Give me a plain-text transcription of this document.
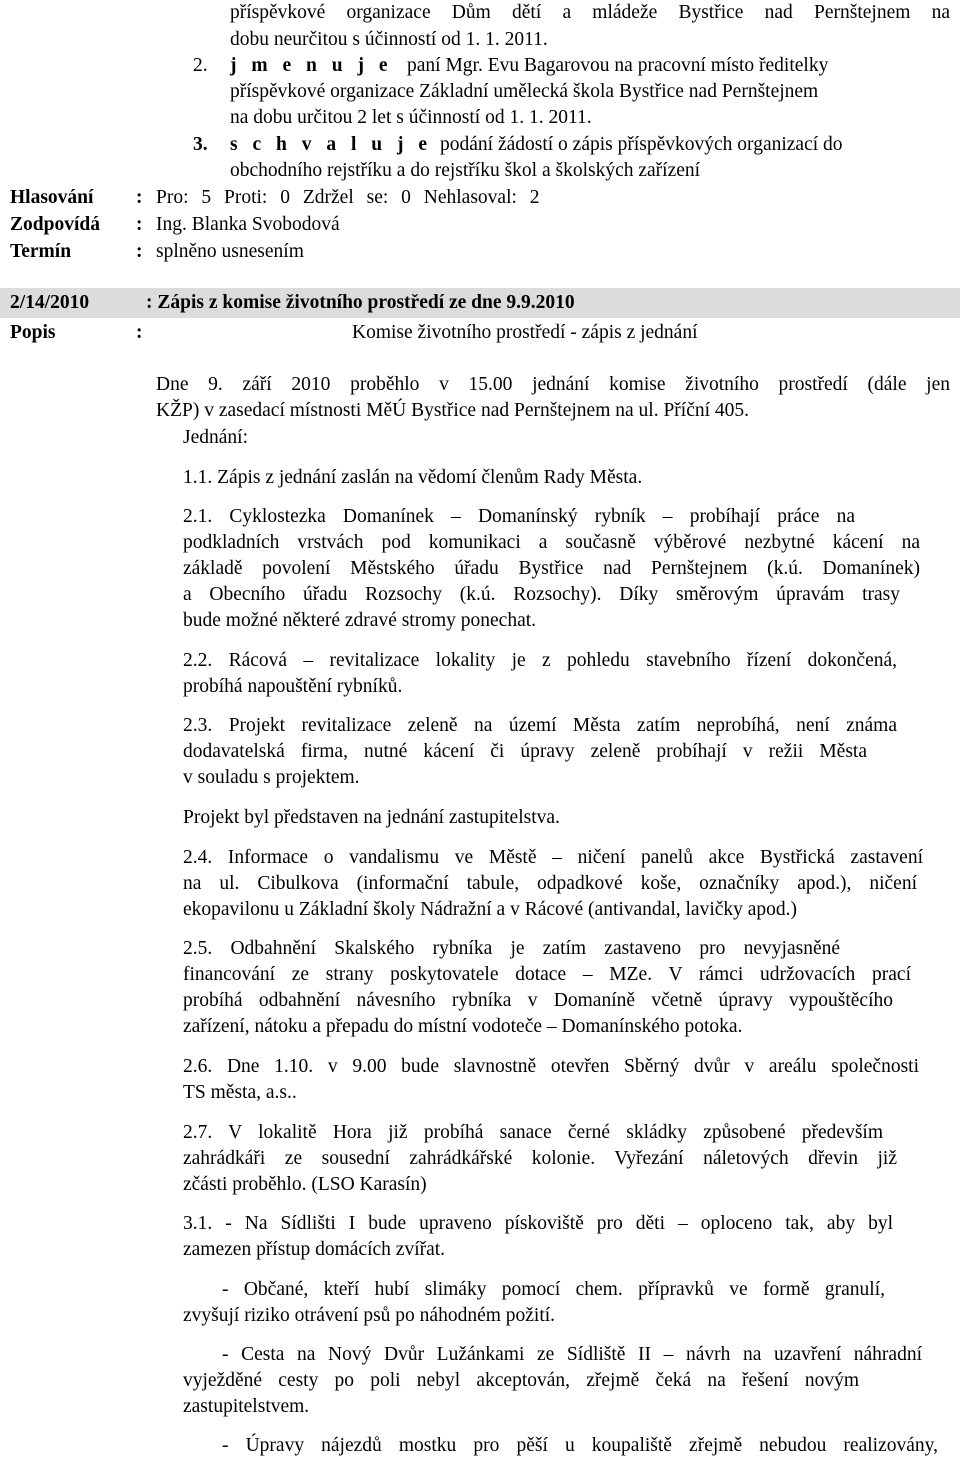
příspěvkové organizace Dům dětí a mládeže Bystřice nad Pernštejnem na
dobu neurčitou s účinností od 1. 1. 2011.
2. j m e n u j e paní Mgr. Evu Bagarovou na pracovní místo ředitelky
příspěvkové organizace Základní umělecká škola Bystřice nad Pernštejnem
na dobu určitou 2 let s účinností od 1. 1. 2011.
3. s c h v a l u j e podání žádostí o zápis příspěvkových organizací do
obchodního rejstříku a do rejstříku škol a školských zařízení
Hlasování : Pro: 5 Proti: 0 Zdržel se: 0 Nehlasoval: 2
Zodpovídá : Ing. Blanka Svobodová
Termín	: splněno usnesením
2/14/2010	: Zápis z komise životního prostředí ze dne 9.9.2010
Popis	:	Komise životního prostředí - zápis z jednání
Dne 9. září 2010 proběhlo v 15.00 jednání komise životního prostředí (dále jen
KŽP) v zasedací místnosti MěÚ Bystřice nad Pernštejnem na ul. Příční 405.
Jednání:
1.1. Zápis z jednání zaslán na vědomí členům Rady Města.
2.1. Cyklostezka Domanínek – Domanínský rybník – probíhají práce na
podkladních vrstvách pod komunikaci a současně výběrové nezbytné kácení na
základě povolení Městského úřadu Bystřice nad Pernštejnem (k.ú. Domanínek)
a Obecního úřadu Rozsochy (k.ú. Rozsochy). Díky směrovým úpravám trasy
bude možné některé zdravé stromy ponechat.
2.2. Rácová – revitalizace lokality je z pohledu stavebního řízení dokončená,
probíhá napouštění rybníků.
2.3. Projekt revitalizace zeleně na území Města zatím neprobíhá, není známa
dodavatelská firma, nutné kácení či úpravy zeleně probíhají v režii Města
v souladu s projektem.
Projekt byl představen na jednání zastupitelstva.
2.4. Informace o vandalismu ve Městě – ničení panelů akce Bystřická zastavení
na ul. Cibulkova (informační tabule, odpadkové koše, označníky apod.), ničení
ekopavilonu u Základní školy Nádražní a v Rácové (antivandal, lavičky apod.)
2.5. Odbahnění Skalského rybníka je zatím zastaveno pro nevyjasněné
financování ze strany poskytovatele dotace – MZe. V rámci udržovacích prací
probíhá odbahnění návesního rybníka v Domaníně včetně úpravy vypouštěcího
zařízení, nátoku a přepadu do místní vodoteče – Domanínského potoka.
2.6. Dne 1.10. v 9.00 bude slavnostně otevřen Sběrný dvůr v areálu společnosti
TS města, a.s..
2.7. V lokalitě Hora již probíhá sanace černé skládky způsobené především
zahrádkáři ze sousední zahrádkářské kolonie. Vyřezání náletových dřevin již
zčásti proběhlo. (LSO Karasín)
3.1. - Na Sídlišti I bude upraveno pískoviště pro děti – oploceno tak, aby byl
zamezen přístup domácích zvířat.
- Občané, kteří hubí slimáky pomocí chem. přípravků ve formě granulí,
zvyšují riziko otrávení psů po náhodném požití.
- Cesta na Nový Dvůr Lužánkami ze Sídliště II – návrh na uzavření náhradní
vyježděné cesty po poli nebyl akceptován, zřejmě čeká na řešení novým
zastupitelstvem.
- Úpravy nájezdů mostku pro pěší u koupaliště zřejmě nebudou realizovány,
